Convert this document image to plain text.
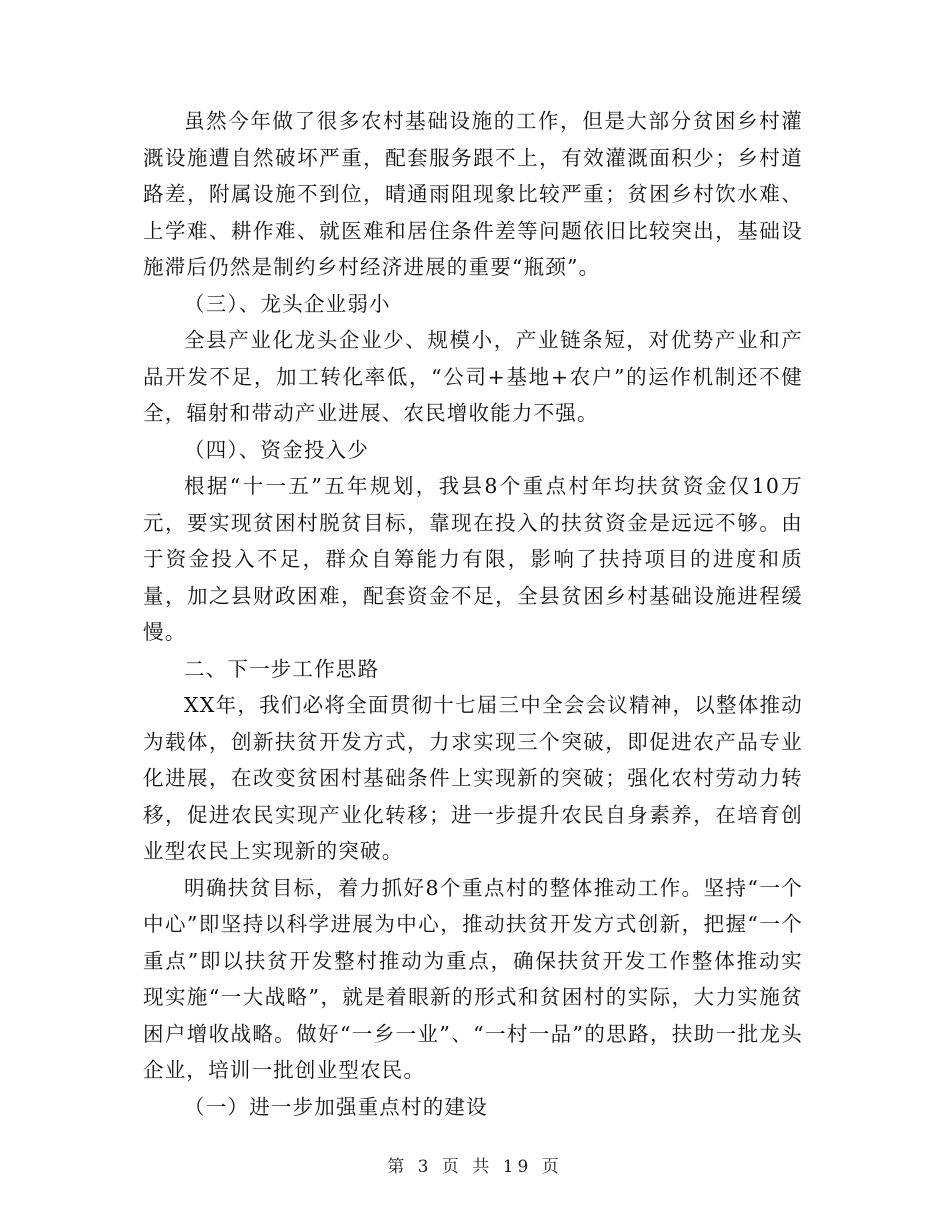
虽然今年做了很多农村基础设施的工作，但是大部分贫困乡村灌溉设施遭自然破坏严重，配套服务跟不上，有效灌溉面积少；乡村道路差，附属设施不到位，晴通雨阻现象比较严重；贫困乡村饮水难、上学难、耕作难、就医难和居住条件差等问题依旧比较突出，基础设施滞后仍然是制约乡村经济进展的重要“瓶颈”。

（三）、龙头企业弱小

全县产业化龙头企业少、规模小，产业链条短，对优势产业和产品开发不足，加工转化率低，“公司+基地+农户”的运作机制还不健全，辐射和带动产业进展、农民增收能力不强。

（四）、资金投入少

根据“十一五”五年规划，我县8个重点村年均扶贫资金仅10万元，要实现贫困村脱贫目标，靠现在投入的扶贫资金是远远不够。由于资金投入不足，群众自筹能力有限，影响了扶持项目的进度和质量，加之县财政困难，配套资金不足，全县贫困乡村基础设施进程缓慢。

二、下一步工作思路

XX年，我们必将全面贯彻十七届三中全会会议精神，以整体推动为载体，创新扶贫开发方式，力求实现三个突破，即促进农产品专业化进展，在改变贫困村基础条件上实现新的突破；强化农村劳动力转移，促进农民实现产业化转移；进一步提升农民自身素养，在培育创业型农民上实现新的突破。

明确扶贫目标，着力抓好8个重点村的整体推动工作。坚持“一个中心”即坚持以科学进展为中心，推动扶贫开发方式创新，把握“一个重点”即以扶贫开发整村推动为重点，确保扶贫开发工作整体推动实现实施“一大战略”，就是着眼新的形式和贫困村的实际，大力实施贫困户增收战略。做好“一乡一业”、“一村一品”的思路，扶助一批龙头企业，培训一批创业型农民。

（一）进一步加强重点村的建设

第 3 页 共 19 页
